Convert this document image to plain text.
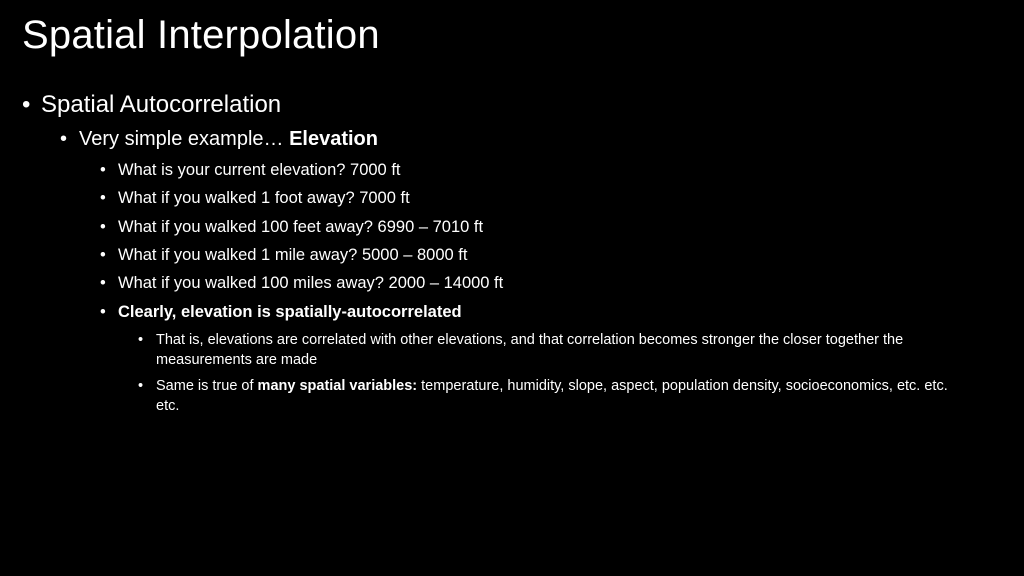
Spatial Interpolation
• Spatial Autocorrelation
• Very simple example… Elevation
• What is your current elevation? 7000 ft
• What if you walked 1 foot away? 7000 ft
• What if you walked 100 feet away? 6990 – 7010 ft
• What if you walked 1 mile away? 5000 – 8000 ft
• What if you walked 100 miles away? 2000 – 14000 ft
• Clearly, elevation is spatially-autocorrelated
• That is, elevations are correlated with other elevations, and that correlation becomes stronger the closer together the measurements are made
• Same is true of many spatial variables: temperature, humidity, slope, aspect, population density, socioeconomics, etc. etc. etc.
